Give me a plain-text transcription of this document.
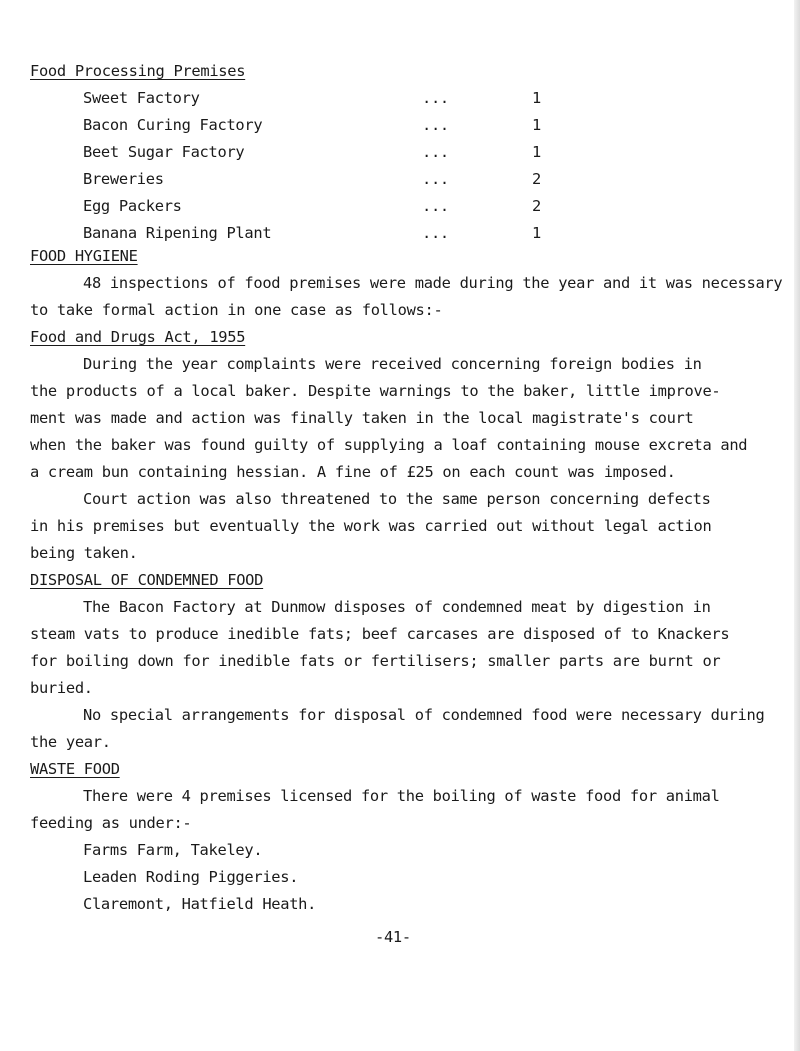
Food Processing Premises
Sweet Factory	...	1
Bacon Curing Factory	...	1
Beet Sugar Factory	...	1
Breweries	...	2
Egg Packers	...	2
Banana Ripening Plant	...	1
FOOD HYGIENE
48 inspections of food premises were made during the year and it was necessary
to take formal action in one case as follows:-
Food and Drugs Act, 1955
During the year complaints were received concerning foreign bodies in
the products of a local baker. Despite warnings to the baker, little improve-
ment was made and action was finally taken in the local magistrate's court
when the baker was found guilty of supplying a loaf containing mouse excreta and
a cream bun containing hessian. A fine of £25 on each count was imposed.
Court action was also threatened to the same person concerning defects
in his premises but eventually the work was carried out without legal action
being taken.
DISPOSAL OF CONDEMNED FOOD
The Bacon Factory at Dunmow disposes of condemned meat by digestion in
steam vats to produce inedible fats; beef carcases are disposed of to Knackers
for boiling down for inedible fats or fertilisers; smaller parts are burnt or
buried.
No special arrangements for disposal of condemned food were necessary during
the year.
WASTE FOOD
There were 4 premises licensed for the boiling of waste food for animal
feeding as under:-
Farms Farm, Takeley.
Leaden Roding Piggeries.
Claremont, Hatfield Heath.
-41-
